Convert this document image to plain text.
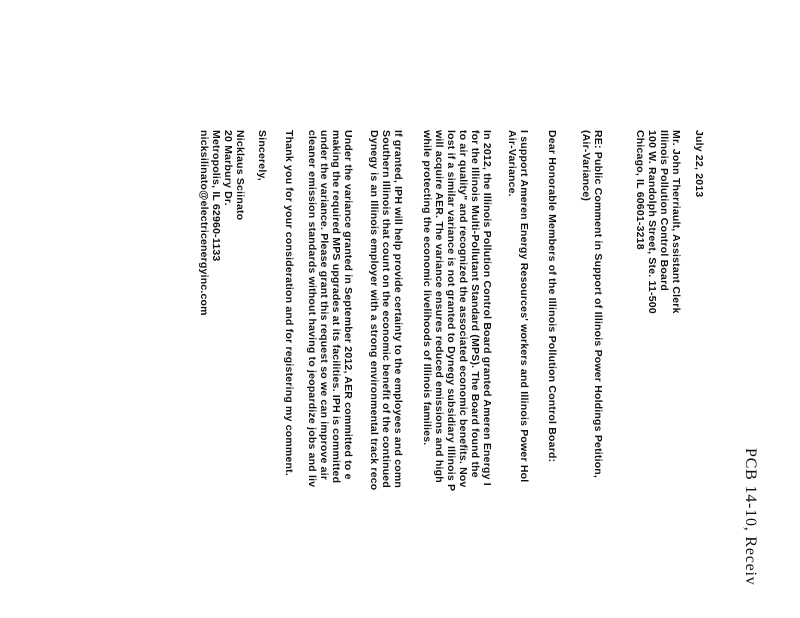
PCB 14-10, Receiv
July 22, 2013
Mr. John Therriault, Assistant Clerk
Illinois Pollution Control Board
100 W. Randolph Street, Ste. 11-500
Chicago, IL 60601-3218
RE: Public Comment in Support of Illinois Power Holdings Petition,
(Air-Variance)
Dear Honorable Members of the Illinois Pollution Control Board:
I support Ameren Energy Resources' workers and Illinois Power Hol
Air-Variance.
In 2012, the Illinois Pollution Control Board granted Ameren Energy I
for the Illinois Multi-Pollutant Standard (MPS). The Board found the
to air quality" and recognized the associated economic benefits. Nov
lost if a similar variance is not granted to Dynegy subsidiary Illinois P
will acquire AER. The variance ensures reduced emissions and high
while protecting the economic livelihoods of Illinois families.
If granted, IPH will help provide certainty to the employees and comn
Southern Illinois that count on the economic benefit of the continued
Dynegy is an Illinois employer with a strong environmental track reco
Under the variance granted in September 2012, AER committed to e
making the required MPS upgrades at its facilities. IPH is committed
under the variance. Please grant this request so we can improve air
cleaner emission standards without having to jeopardize jobs and liv
Thank you for your consideration and for registering my comment.
Sincerely,
Nicklaus Sciinato
20 Marbury Dr.
Metropolis, IL 62960-1133
nicksilinato@electricenergyinc.com
